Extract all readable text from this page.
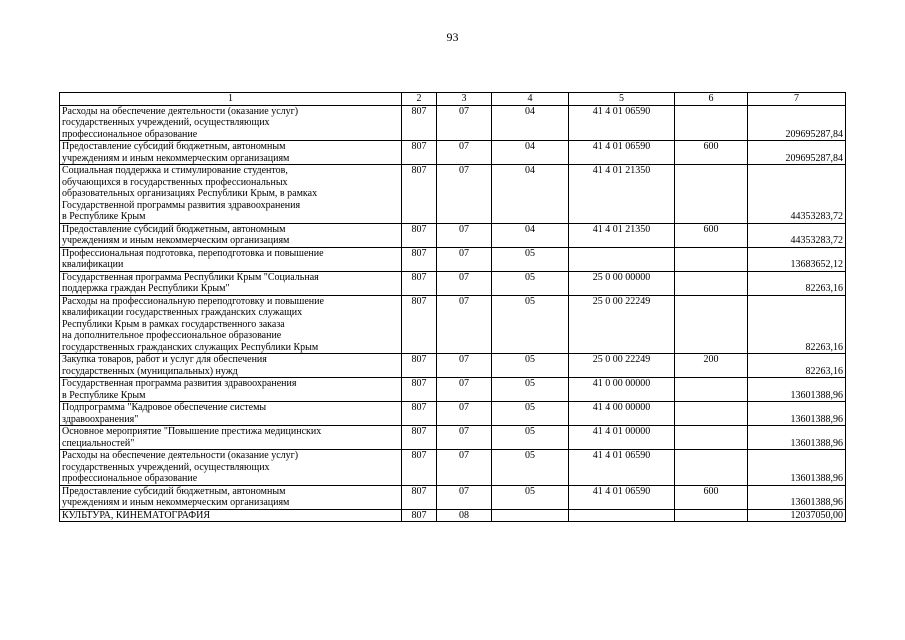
93
1	2	3	4	5	6	7
Расходы на обеспечение деятельности (оказание услуг)
государственных учреждений, осуществляющих
профессиональное образование	807	07	04	41 4 01 06590		209695287,84
Предоставление субсидий бюджетным, автономным
учреждениям и иным некоммерческим организациям	807	07	04	41 4 01 06590	600	209695287,84
Социальная поддержка и стимулирование студентов,
обучающихся в государственных профессиональных
образовательных организациях Республики Крым, в рамках
Государственной программы развития здравоохранения
в Республике Крым	807	07	04	41 4 01 21350		44353283,72
Предоставление субсидий бюджетным, автономным
учреждениям и иным некоммерческим организациям	807	07	04	41 4 01 21350	600	44353283,72
Профессиональная подготовка, переподготовка и повышение
квалификации	807	07	05			13683652,12
Государственная программа Республики Крым "Социальная
поддержка граждан Республики Крым"	807	07	05	25 0 00 00000		82263,16
Расходы на профессиональную переподготовку и повышение
квалификации государственных гражданских служащих
Республики Крым в рамках государственного заказа
на дополнительное профессиональное образование
государственных гражданских служащих Республики Крым	807	07	05	25 0 00 22249		82263,16
Закупка товаров, работ и услуг для обеспечения
государственных (муниципальных) нужд	807	07	05	25 0 00 22249	200	82263,16
Государственная программа развития здравоохранения
в Республике Крым	807	07	05	41 0 00 00000		13601388,96
Подпрограмма "Кадровое обеспечение системы
здравоохранения"	807	07	05	41 4 00 00000		13601388,96
Основное мероприятие "Повышение престижа медицинских
специальностей"	807	07	05	41 4 01 00000		13601388,96
Расходы на обеспечение деятельности (оказание услуг)
государственных учреждений, осуществляющих
профессиональное образование	807	07	05	41 4 01 06590		13601388,96
Предоставление субсидий бюджетным, автономным
учреждениям и иным некоммерческим организациям	807	07	05	41 4 01 06590	600	13601388,96
КУЛЬТУРА, КИНЕМАТОГРАФИЯ	807	08				12037050,00
